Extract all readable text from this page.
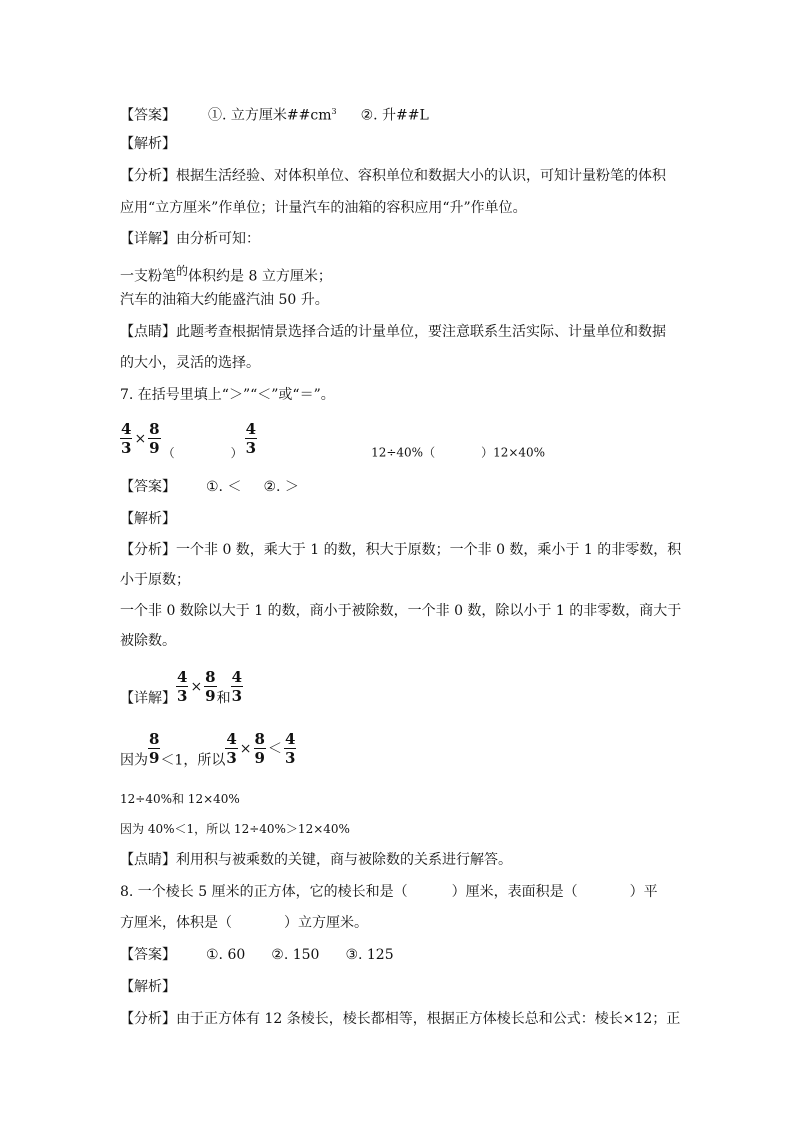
【答案】 ①. 立方厘米$\#\#cm^3$ ②. 升##L
【解析】
【分析】根据生活经验、对体积单位、容积单位和数据大小的认识，可知计量粉笔的体积
应用“立方厘米”作单位；计量汽车的油箱的容积应用“升”作单位。
【详解】由分析可知：
一支粉笔的体积约是 8 立方厘米；
汽车的油箱大约能盛汽油 50 升。
【点睛】此题考查根据情景选择合适的计量单位，要注意联系生活实际、计量单位和数据
的大小，灵活的选择。
7. 在括号里填上“＞”“＜”或“＝”。
$\frac{4}{3} \times \frac{8}{9}$ （	） $\frac{4}{3}$	12÷40%（	）12×40%
【答案】 ①. ＜ ②. ＞
【解析】
【分析】一个非 0 数，乘大于 1 的数，积大于原数；一个非 0 数，乘小于 1 的非零数，积
小于原数；
一个非 0 数除以大于 1 的数，商小于被除数，一个非 0 数，除以小于 1 的非零数，商大于
被除数。
【详解】 $\frac{4}{3} \times \frac{8}{9}$ 和 $\frac{4}{3}$
因为 $\frac{8}{9} <1$，所以 $\frac{4}{3} \times \frac{8}{9} < \frac{4}{3}$
12÷40%和 12×40%
因为 40%＜1，所以 12÷40%＞12×40%
【点睛】利用积与被乘数的关键，商与被除数的关系进行解答。
8. 一个棱长 5 厘米的正方体，它的棱长和是（	）厘米，表面积是（	）平
方厘米，体积是（	）立方厘米。
【答案】 ①. 60 ②. 150 ③. 125
【解析】
【分析】由于正方体有 12 条棱长，棱长都相等，根据正方体棱长总和公式：棱长×12；正
